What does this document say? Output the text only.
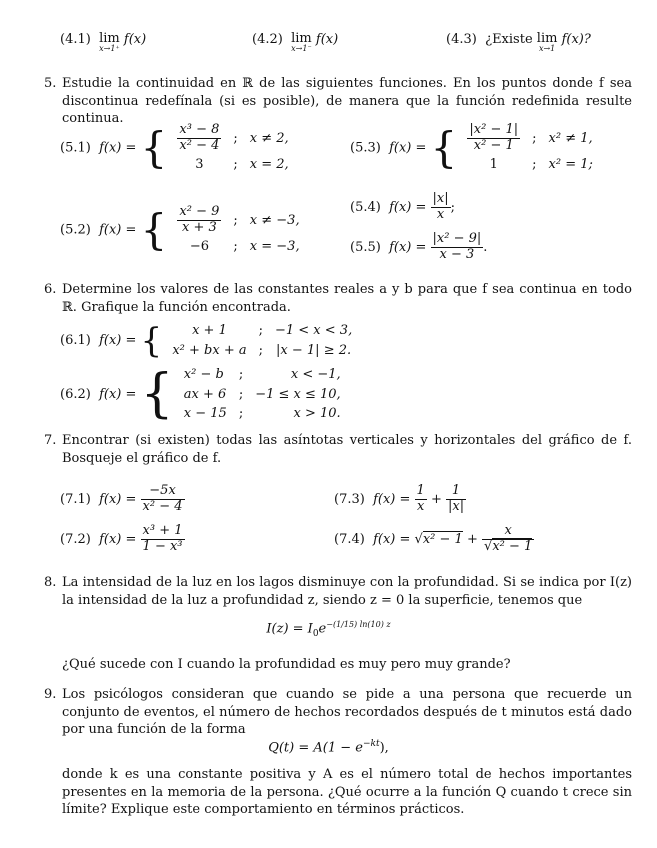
(4.1) lim
x→1⁺
f(x)	(4.2) lim
x→1⁻
f(x)	(4.3) ¿Existe lim
x→1
f(x)?
5. Estudie la continuidad en ℝ de las siguientes funciones. En los puntos donde f sea discontinua redefínala (si es posible), de manera que la función redefinida resulte continua.
(5.1) f(x) = { $\frac{\text{x³ − 8}}{\text{x² − 4}}$	;	x ≠ 2,
3	;	x = 2,
(5.3) f(x) = { $\frac{\text{|x² − 1|}}{\text{x² − 1}}$	;	x² ≠ 1,
1	;	x² = 1;
(5.4) $f(x) = \frac{|x|}{x}$ ;
(5.2) f(x) = { $\frac{\text{x² − 9}}{x + 3}$	;	x ≠ −3,
−6	;	x = −3,	(5.5) $f(x) = \frac{\text{|x² − 9|}}{x - 3}$ .
6. Determine los valores de las constantes reales a y b para que f sea continua en todo ℝ. Grafique la función encontrada.
(6.1) f(x) = { x + 1	;	−1 < x < 3,
x² + bx + a	;	|x − 1| ≥ 2.
(6.2) f(x) = { x² − b	;	x < −1,
ax + 6	;	−1 ≤ x ≤ 10,
x − 15	;	x > 10.
7. Encontrar (si existen) todas las asíntotas verticales y horizontales del gráfico de f. Bosqueje el gráfico de f.
(7.1) $f(x) = \frac{-5x}{\text{x² − 4}}$	(7.3) $f(x) = \frac{1}{x} + \frac{1}{|x|}$
(7.2) $f(x) = \frac{\text{x³ + 1}}{\text{1 − x³}}$	(7.4) $f(x) = √x^2 - 1 + \frac{x}{\text{√x² − 1}}$
8. La intensidad de la luz en los lagos disminuye con la profundidad. Si se indica por I(z) la intensidad de la luz a profundidad z, siendo z = 0 la superficie, tenemos que
$I(z) = I_0e^{-(1/15) ln(10) z}$
¿Qué sucede con I cuando la profundidad es muy pero muy grande?
9. Los psicólogos consideran que cuando se pide a una persona que recuerde un conjunto de eventos, el número de hechos recordados después de t minutos está dado por una función de la forma
$Q(t) = A(1 - e^{-kt})$,
donde k es una constante positiva y A es el número total de hechos importantes presentes en la memoria de la persona. ¿Qué ocurre a la función Q cuando t crece sin límite? Explique este comportamiento en términos prácticos.
